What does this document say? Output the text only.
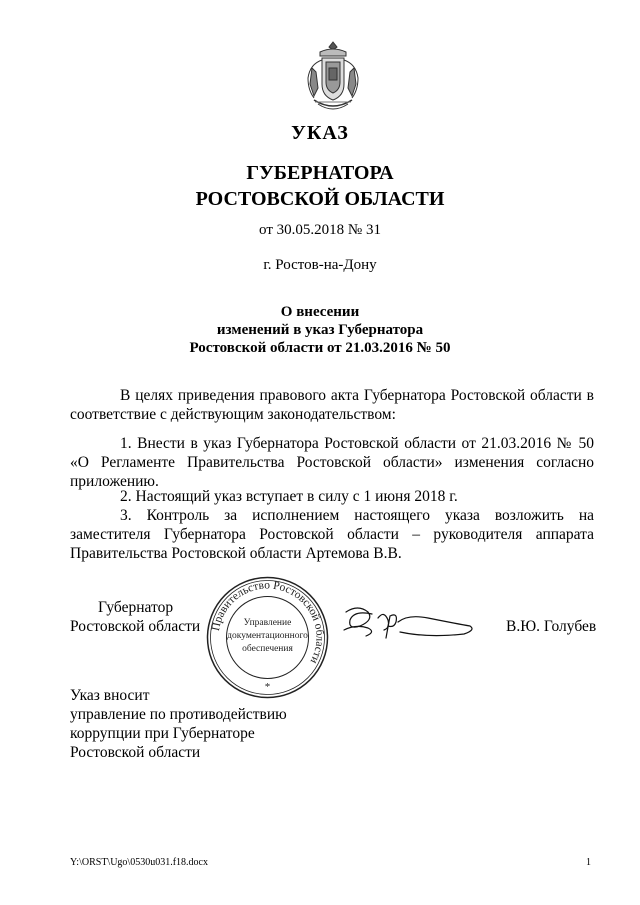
УКАЗ
ГУБЕРНАТОРА
РОСТОВСКОЙ ОБЛАСТИ
от 30.05.2018 № 31
г. Ростов-на-Дону
О внесении
изменений в указ Губернатора
Ростовской области от 21.03.2016 № 50
В целях приведения правового акта Губернатора Ростовской области в соответствие с действующим законодательством:
1. Внести в указ Губернатора Ростовской области от 21.03.2016 № 50 «О Регламенте Правительства Ростовской области» изменения согласно приложению.
2. Настоящий указ вступает в силу с 1 июня 2018 г.
3. Контроль за исполнением настоящего указа возложить на заместителя Губернатора Ростовской области – руководителя аппарата Правительства Ростовской области Артемова В.В.
Губернатор
Ростовской области	В.Ю. Голубев
Правительство Ростовской области
Управление
документационного
обеспечения
*
Указ вносит
управление по противодействию
коррупции при Губернаторе
Ростовской области
Y:\ORST\Ugo\0530u031.f18.docx	1
